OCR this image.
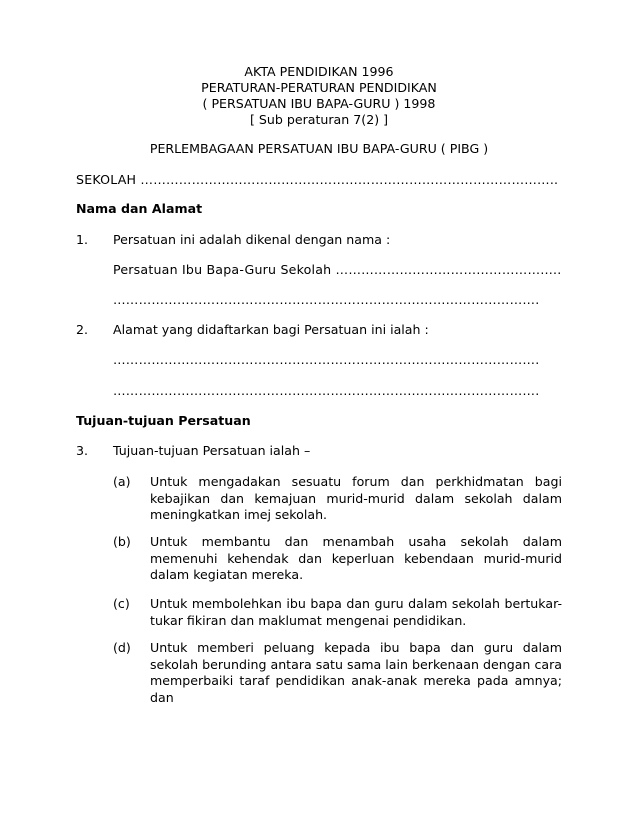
AKTA PENDIDIKAN 1996
PERATURAN-PERATURAN PENDIDIKAN
( PERSATUAN IBU BAPA-GURU ) 1998
[ Sub peraturan 7(2) ]
PERLEMBAGAAN PERSATUAN IBU BAPA-GURU ( PIBG )
SEKOLAH ……………………………………………………………………………………..
Nama dan Alamat
1. Persatuan ini adalah dikenal dengan nama :
Persatuan Ibu Bapa-Guru Sekolah ……………………………………………..
……………………………………………………………………………………….
2. Alamat yang didaftarkan bagi Persatuan ini ialah :
……………………………………………………………………………………….
……………………………………………………………………………………….
Tujuan-tujuan Persatuan
3. Tujuan-tujuan Persatuan ialah –
(a) Untuk mengadakan sesuatu forum dan perkhidmatan bagi kebajikan dan kemajuan murid-murid dalam sekolah dalam meningkatkan imej sekolah.
(b) Untuk membantu dan menambah usaha sekolah dalam memenuhi kehendak dan keperluan kebendaan murid-murid dalam kegiatan mereka.
(c) Untuk membolehkan ibu bapa dan guru dalam sekolah bertukar-tukar fikiran dan maklumat mengenai pendidikan.
(d) Untuk memberi peluang kepada ibu bapa dan guru dalam sekolah berunding antara satu sama lain berkenaan dengan cara memperbaiki taraf pendidikan anak-anak mereka pada amnya; dan
